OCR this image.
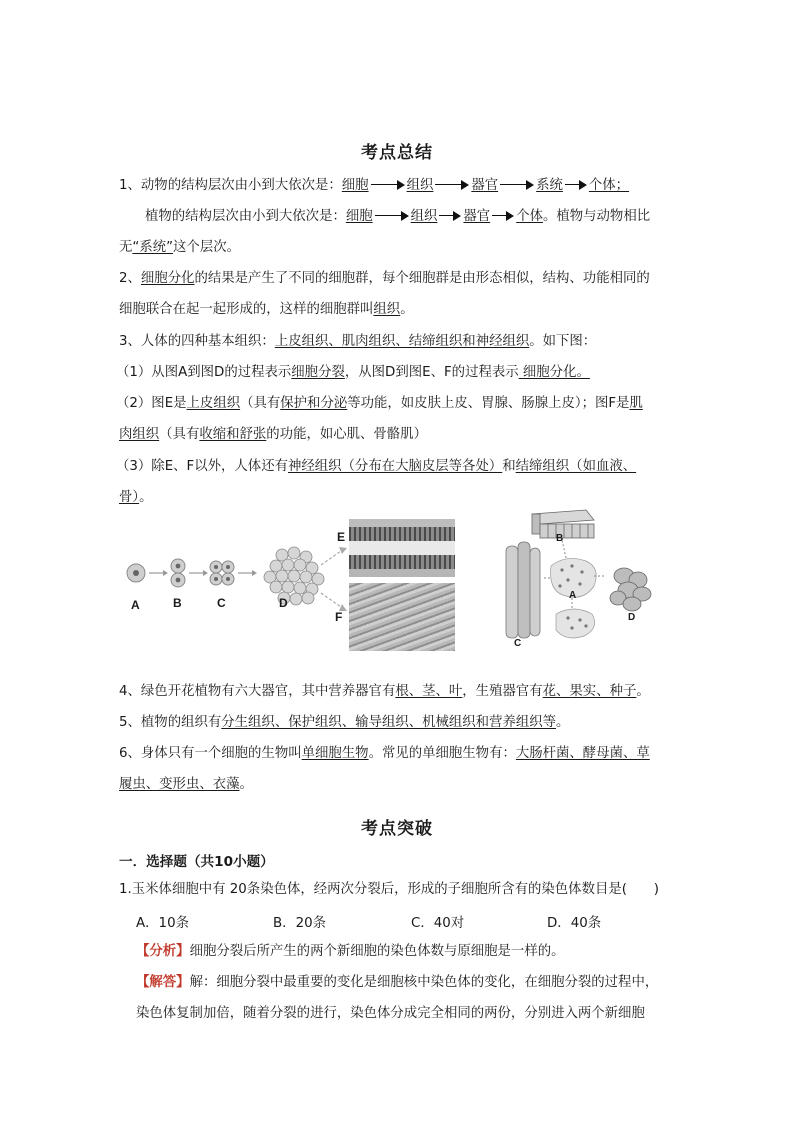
考点总结
1、动物的结构层次由小到大依次是：细胞	组织	器官	系统 个体；
植物的结构层次由小到大依次是：细胞	组织 器官 个体。植物与动物相比
无“系统”这个层次。
2、细胞分化的结果是产生了不同的细胞群，每个细胞群是由形态相似，结构、功能相同的
细胞联合在起一起形成的，这样的细胞群叫组织。
3、人体的四种基本组织：上皮组织、肌肉组织、结缔组织和神经组织。如下图：
（1）从图A到图D的过程表示细胞分裂，从图D到图E、F的过程表示 细胞分化。
（2）图E是上皮组织（具有保护和分泌等功能，如皮肤上皮、胃腺、肠腺上皮）；图F是肌
肉组织（具有收缩和舒张的功能，如心肌、骨骼肌）
（3）除E、F以外，人体还有神经组织（分布在大脑皮层等各处）和结缔组织（如血液、
骨）。
A	B	C	D
E
F
B
A
C
D
4、绿色开花植物有六大器官，其中营养器官有根、茎、叶，生殖器官有花、果实、种子。
5、植物的组织有分生组织、保护组织、输导组织、机械组织和营养组织等。
6、身体只有一个细胞的生物叫单细胞生物。常见的单细胞生物有：大肠杆菌、酵母菌、草
履虫、变形虫、衣藻。
考点突破
一．选择题（共10小题）
1.玉米体细胞中有 20条染色体，经两次分裂后，形成的子细胞所含有的染色体数目是(　　)
A．10条	B．20条	C．40对	D．40条
【分析】细胞分裂后所产生的两个新细胞的染色体数与原细胞是一样的。
【解答】解：细胞分裂中最重要的变化是细胞核中染色体的变化，在细胞分裂的过程中，
染色体复制加倍，随着分裂的进行，染色体分成完全相同的两份，分别进入两个新细胞
